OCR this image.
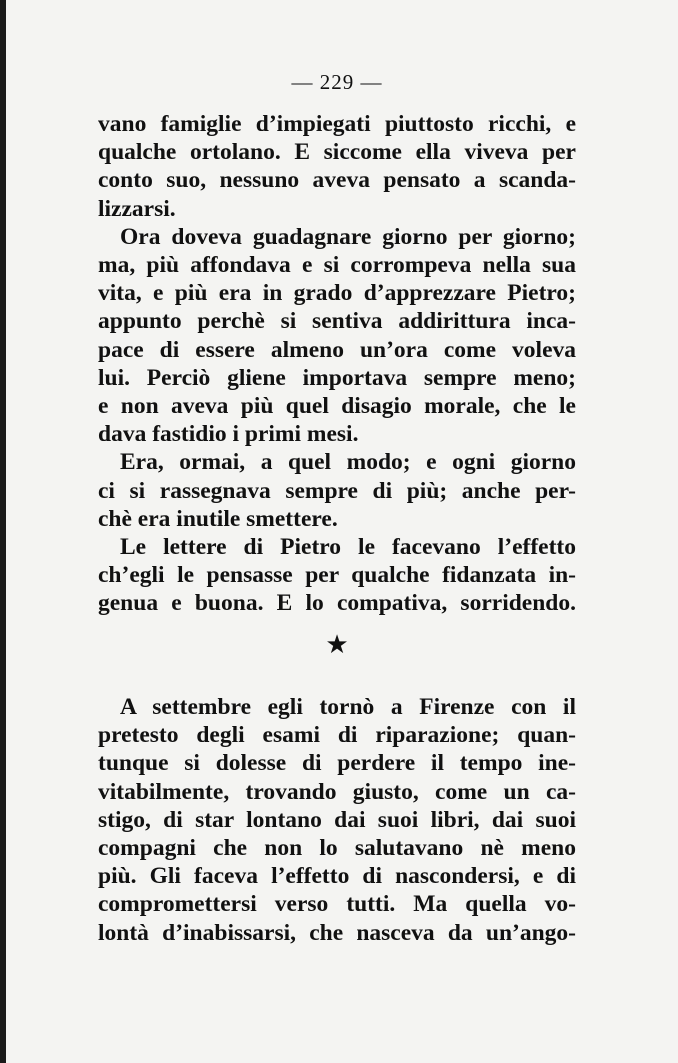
— 229 —
vano famiglie d’impiegati piuttosto ricchi, e
qualche ortolano. E siccome ella viveva per
conto suo, nessuno aveva pensato a scanda-
lizzarsi.
Ora doveva guadagnare giorno per giorno;
ma, più affondava e si corrompeva nella sua
vita, e più era in grado d’apprezzare Pietro;
appunto perchè si sentiva addirittura inca-
pace di essere almeno un’ora come voleva
lui. Perciò gliene importava sempre meno;
e non aveva più quel disagio morale, che le
dava fastidio i primi mesi.
Era, ormai, a quel modo; e ogni giorno
ci si rassegnava sempre di più; anche per-
chè era inutile smettere.
Le lettere di Pietro le facevano l’effetto
ch’egli le pensasse per qualche fidanzata in-
genua e buona. E lo compativa, sorridendo.
★
A settembre egli tornò a Firenze con il
pretesto degli esami di riparazione; quan-
tunque si dolesse di perdere il tempo ine-
vitabilmente, trovando giusto, come un ca-
stigo, di star lontano dai suoi libri, dai suoi
compagni che non lo salutavano nè meno
più. Gli faceva l’effetto di nascondersi, e di
compromettersi verso tutti. Ma quella vo-
lontà d’inabissarsi, che nasceva da un’ango-
